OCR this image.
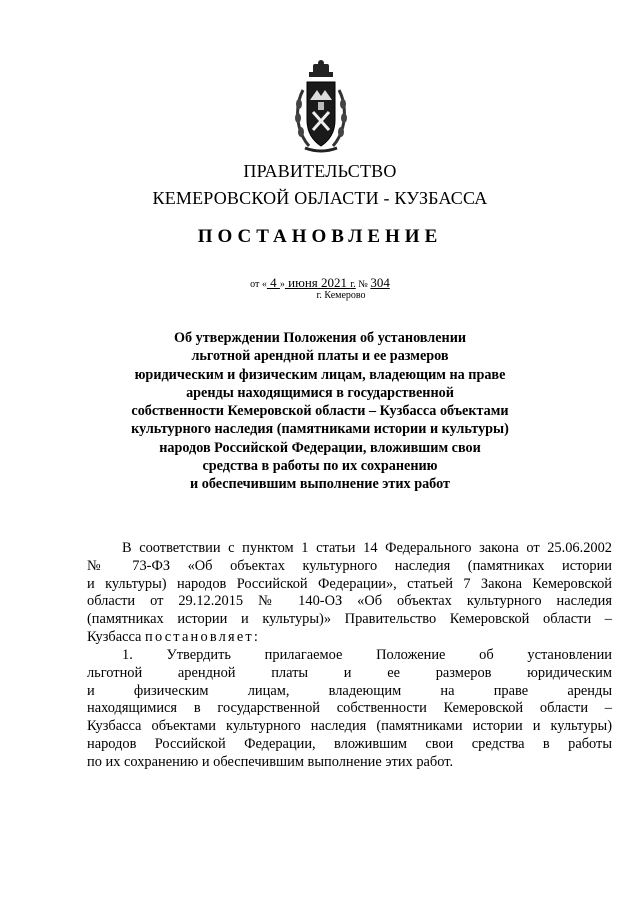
ПРАВИТЕЛЬСТВО
КЕМЕРОВСКОЙ ОБЛАСТИ - КУЗБАССА
ПОСТАНОВЛЕНИЕ
от « 4 » июня 2021 г. № 304
г. Кемерово
Об утверждении Положения об установлении
льготной арендной платы и ее размеров
юридическим и физическим лицам, владеющим на праве
аренды находящимися в государственной
собственности Кемеровской области – Кузбасса объектами
культурного наследия (памятниками истории и культуры)
народов Российской Федерации, вложившим свои
средства в работы по их сохранению
и обеспечившим выполнение этих работ
В соответствии с пунктом 1 статьи 14 Федерального закона от 25.06.2002
№ 73-ФЗ «Об объектах культурного наследия (памятниках истории
и культуры) народов Российской Федерации», статьей 7 Закона Кемеровской
области от 29.12.2015 № 140-ОЗ «Об объектах культурного наследия
(памятниках истории и культуры)» Правительство Кемеровской области –
Кузбасса постановляет:
1. Утвердить прилагаемое Положение об установлении
льготной арендной платы и ее размеров юридическим
и физическим лицам, владеющим на праве аренды
находящимися в государственной собственности Кемеровской области –
Кузбасса объектами культурного наследия (памятниками истории и культуры)
народов Российской Федерации, вложившим свои средства в работы
по их сохранению и обеспечившим выполнение этих работ.
